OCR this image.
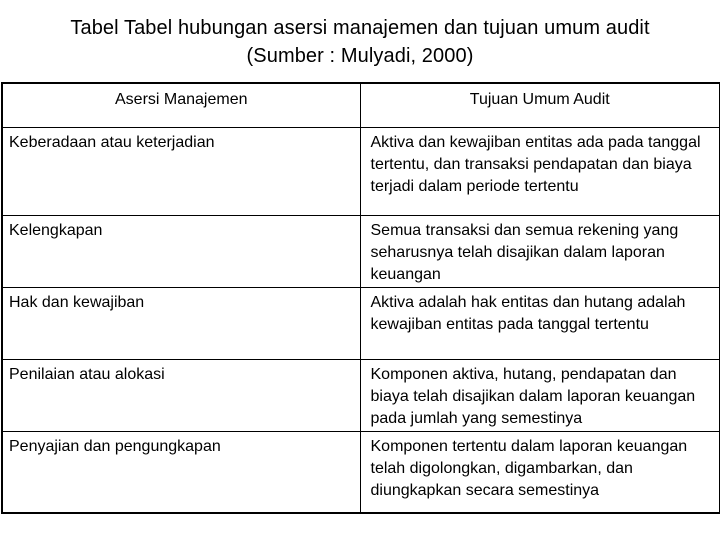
Tabel Tabel hubungan asersi manajemen dan tujuan umum audit
(Sumber : Mulyadi, 2000)
Asersi Manajemen	Tujuan Umum Audit
Keberadaan atau keterjadian	Aktiva dan kewajiban entitas ada pada tanggal tertentu, dan transaksi pendapatan dan biaya terjadi dalam periode tertentu
Kelengkapan	Semua transaksi dan semua rekening yang seharusnya telah disajikan dalam laporan keuangan
Hak dan kewajiban	Aktiva adalah hak entitas dan hutang adalah kewajiban entitas pada tanggal tertentu
Penilaian atau alokasi	Komponen aktiva, hutang, pendapatan dan biaya telah disajikan dalam laporan keuangan pada jumlah yang semestinya
Penyajian dan pengungkapan	Komponen tertentu dalam laporan keuangan telah digolongkan, digambarkan, dan diungkapkan secara semestinya
